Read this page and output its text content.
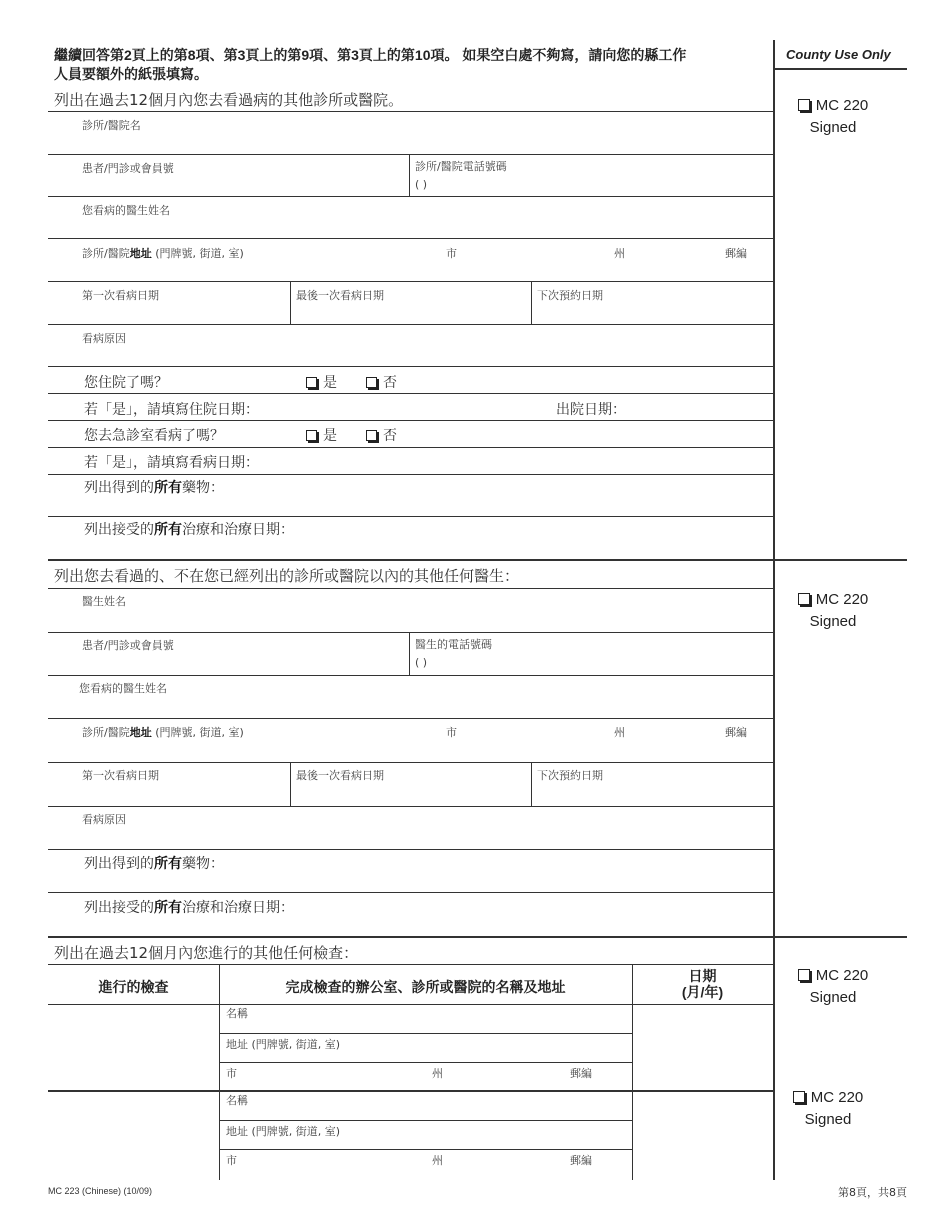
繼續回答第2頁上的第8項、第3頁上的第9項、第3頁上的第10項。 如果空白處不夠寫，請向您的縣工作
人員要額外的紙張填寫。
County Use Only
列出在過去12個月內您去看過病的其他診所或醫院。
診所/醫院名
患者/門診或會員號	診所/醫院電話號碼
( )
您看病的醫生姓名
診所/醫院地址 (門牌號, 街道, 室)	市	州	郵編
第一次看病日期	最後一次看病日期	下次預約日期
看病原因
您住院了嗎？	是	否
若「是」，請填寫住院日期：	出院日期：
您去急診室看病了嗎？	是	否
若「是」，請填寫看病日期：
列出得到的所有藥物：
列出接受的所有治療和治療日期：
MC 220
Signed
列出您去看過的、不在您已經列出的診所或醫院以內的其他任何醫生：
醫生姓名
患者/門診或會員號	醫生的電話號碼
( )
您看病的醫生姓名
診所/醫院地址 (門牌號, 街道, 室)	市	州	郵編
第一次看病日期	最後一次看病日期	下次預約日期
看病原因
列出得到的所有藥物：
列出接受的所有治療和治療日期：
MC 220
Signed
列出在過去12個月內您進行的其他任何檢查：
進行的檢查	完成檢查的辦公室、診所或醫院的名稱及地址
日期
(月/年)
名稱
地址 (門牌號, 街道, 室)
市	州	郵編
名稱
地址 (門牌號, 街道, 室)
市	州	郵編
MC 220
Signed
MC 220
Signed
MC 223 (Chinese) (10/09)	第8頁，共8頁
